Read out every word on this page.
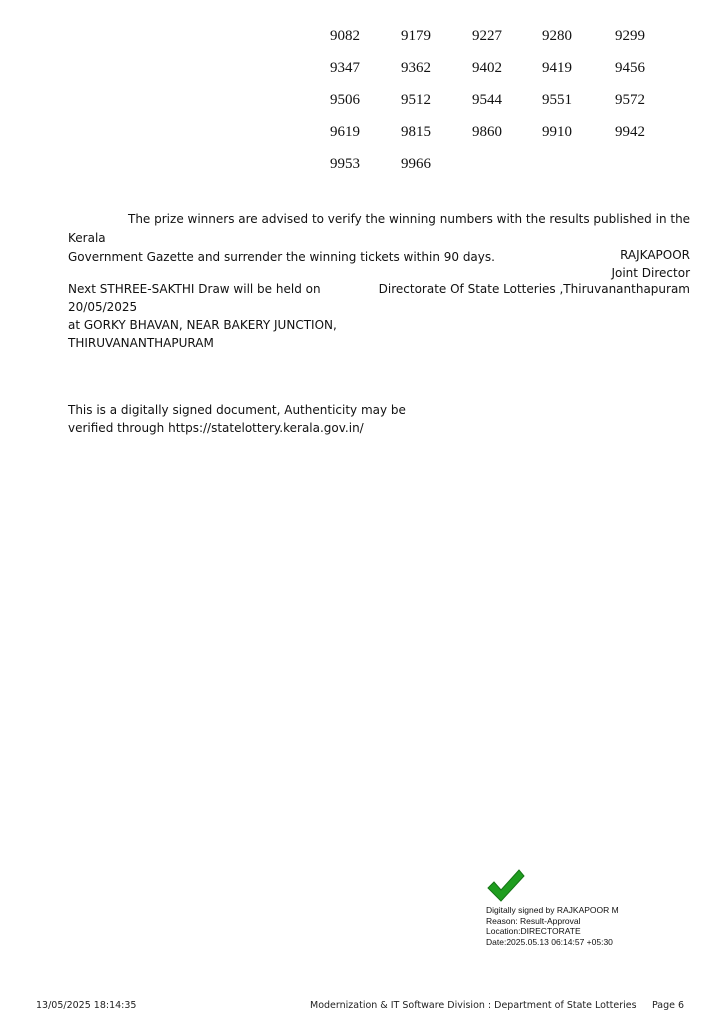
9082	9179	9227	9280	9299
9347	9362	9402	9419	9456
9506	9512	9544	9551	9572
9619	9815	9860	9910	9942
9953	9966
The prize winners are advised to verify the winning numbers with the results published in the Kerala
Government Gazette and surrender the winning tickets within 90 days.	RAJKAPOOR
Joint Director
Next STHREE-SAKTHI Draw will be held on 20/05/2025
at GORKY BHAVAN, NEAR BAKERY JUNCTION,
THIRUVANANTHAPURAM
Directorate Of State Lotteries ,Thiruvananthapuram
This is a digitally signed document, Authenticity may be
verified through https://statelottery.kerala.gov.in/
Digitally signed by RAJKAPOOR M
Reason: Result-Approval
Location:DIRECTORATE
Date:2025.05.13 06:14:57 +05:30
13/05/2025 18:14:35	Modernization & IT Software Division : Department of State Lotteries Page 6
